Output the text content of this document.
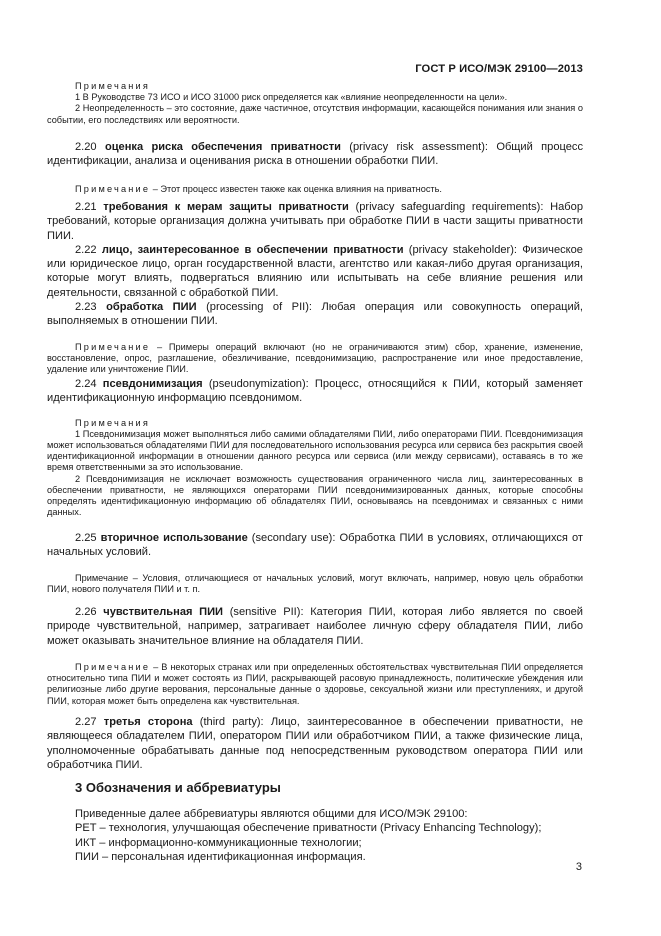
ГОСТ Р ИСО/МЭК 29100—2013

Примечания

1 В Руководстве 73 ИСО и ИСО 31000 риск определяется как «влияние неопределенности на цели».

2 Неопределенность – это состояние, даже частичное, отсутствия информации, касающейся понимания или знания о событии, его последствиях или вероятности.

2.20 оценка риска обеспечения приватности (privacy risk assessment): Общий процесс идентификации, анализа и оценивания риска в отношении обработки ПИИ.

Примечание – Этот процесс известен также как оценка влияния на приватность.

2.21 требования к мерам защиты приватности (privacy safeguarding requirements): Набор требований, которые организация должна учитывать при обработке ПИИ в части защиты приватности ПИИ.

2.22 лицо, заинтересованное в обеспечении приватности (privacy stakeholder): Физическое или юридическое лицо, орган государственной власти, агентство или какая-либо другая организация, которые могут влиять, подвергаться влиянию или испытывать на себе влияние решения или деятельности, связанной с обработкой ПИИ.

2.23 обработка ПИИ (processing of PII): Любая операция или совокупность операций, выполняемых в отношении ПИИ.

Примечание – Примеры операций включают (но не ограничиваются этим) сбор, хранение, изменение, восстановление, опрос, разглашение, обезличивание, псевдонимизацию, распространение или иное предоставление, удаление или уничтожение ПИИ.

2.24 псевдонимизация (pseudonymization): Процесс, относящийся к ПИИ, который заменяет идентификационную информацию псевдонимом.

Примечания

1 Псевдонимизация может выполняться либо самими обладателями ПИИ, либо операторами ПИИ. Псевдонимизация может использоваться обладателями ПИИ для последовательного использования ресурса или сервиса без раскрытия своей идентификационной информации в отношении данного ресурса или сервиса (или между сервисами), оставаясь в то же время ответственными за это использование.

2 Псевдонимизация не исключает возможность существования ограниченного числа лиц, заинтересованных в обеспечении приватности, не являющихся операторами ПИИ псевдонимизированных данных, которые способны определять идентификационную информацию об обладателях ПИИ, основываясь на псевдонимах и связанных с ними данных.

2.25 вторичное использование (secondary use): Обработка ПИИ в условиях, отличающихся от начальных условий.

Примечание – Условия, отличающиеся от начальных условий, могут включать, например, новую цель обработки ПИИ, нового получателя ПИИ и т. п.

2.26 чувствительная ПИИ (sensitive PII): Категория ПИИ, которая либо является по своей природе чувствительной, например, затрагивает наиболее личную сферу обладателя ПИИ, либо может оказывать значительное влияние на обладателя ПИИ.

Примечание – В некоторых странах или при определенных обстоятельствах чувствительная ПИИ определяется относительно типа ПИИ и может состоять из ПИИ, раскрывающей расовую принадлежность, политические убеждения или религиозные либо другие верования, персональные данные о здоровье, сексуальной жизни или преступлениях, и другой ПИИ, которая может быть определена как чувствительная.

2.27 третья сторона (third party): Лицо, заинтересованное в обеспечении приватности, не являющееся обладателем ПИИ, оператором ПИИ или обработчиком ПИИ, а также физические лица, уполномоченные обрабатывать данные под непосредственным руководством оператора ПИИ или обработчика ПИИ.

3 Обозначения и аббревиатуры

Приведенные далее аббревиатуры являются общими для ИСО/МЭК 29100:

PET – технология, улучшающая обеспечение приватности (Privacy Enhancing Technology);

ИКТ – информационно-коммуникационные технологии;

ПИИ – персональная идентификационная информация.

3
